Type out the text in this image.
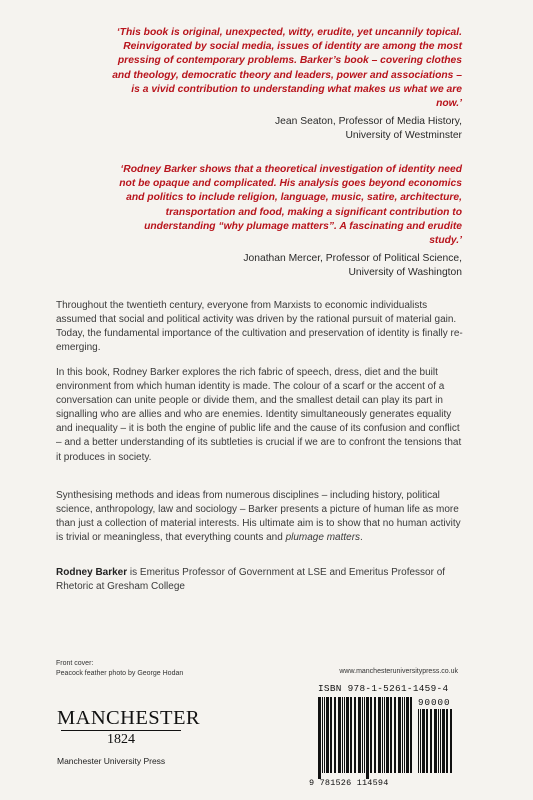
‘This book is original, unexpected, witty, erudite, yet uncannily topical. Reinvigorated by social media, issues of identity are among the most pressing of contemporary problems. Barker’s book – covering clothes and theology, democratic theory and leaders, power and associations – is a vivid contribution to understanding what makes us what we are now.’

Jean Seaton, Professor of Media History,
University of Westminster

‘Rodney Barker shows that a theoretical investigation of identity need not be opaque and complicated. His analysis goes beyond economics and politics to include religion, language, music, satire, architecture, transportation and food, making a significant contribution to understanding “why plumage matters”. A fascinating and erudite study.’

Jonathan Mercer, Professor of Political Science,
University of Washington

Throughout the twentieth century, everyone from Marxists to economic individualists assumed that social and political activity was driven by the rational pursuit of material gain. Today, the fundamental importance of the cultivation and preservation of identity is finally re-emerging.

In this book, Rodney Barker explores the rich fabric of speech, dress, diet and the built environment from which human identity is made. The colour of a scarf or the accent of a conversation can unite people or divide them, and the smallest detail can play its part in signalling who are allies and who are enemies. Identity simultaneously generates equality and inequality – it is both the engine of public life and the cause of its confusion and conflict – and a better understanding of its subtleties is crucial if we are to confront the tensions that it produces in society.

Synthesising methods and ideas from numerous disciplines – including history, political science, anthropology, law and sociology – Barker presents a picture of human life as more than just a collection of material interests. His ultimate aim is to show that no human activity is trivial or meaningless, that everything counts and plumage matters.

Rodney Barker is Emeritus Professor of Government at LSE and Emeritus Professor of Rhetoric at Gresham College

Front cover:
Peacock feather photo by George Hodan
MANCHESTER
1824
Manchester University Press
www.manchesteruniversitypress.co.uk
ISBN 978-1-5261-1459-4
90000
9 781526 114594
